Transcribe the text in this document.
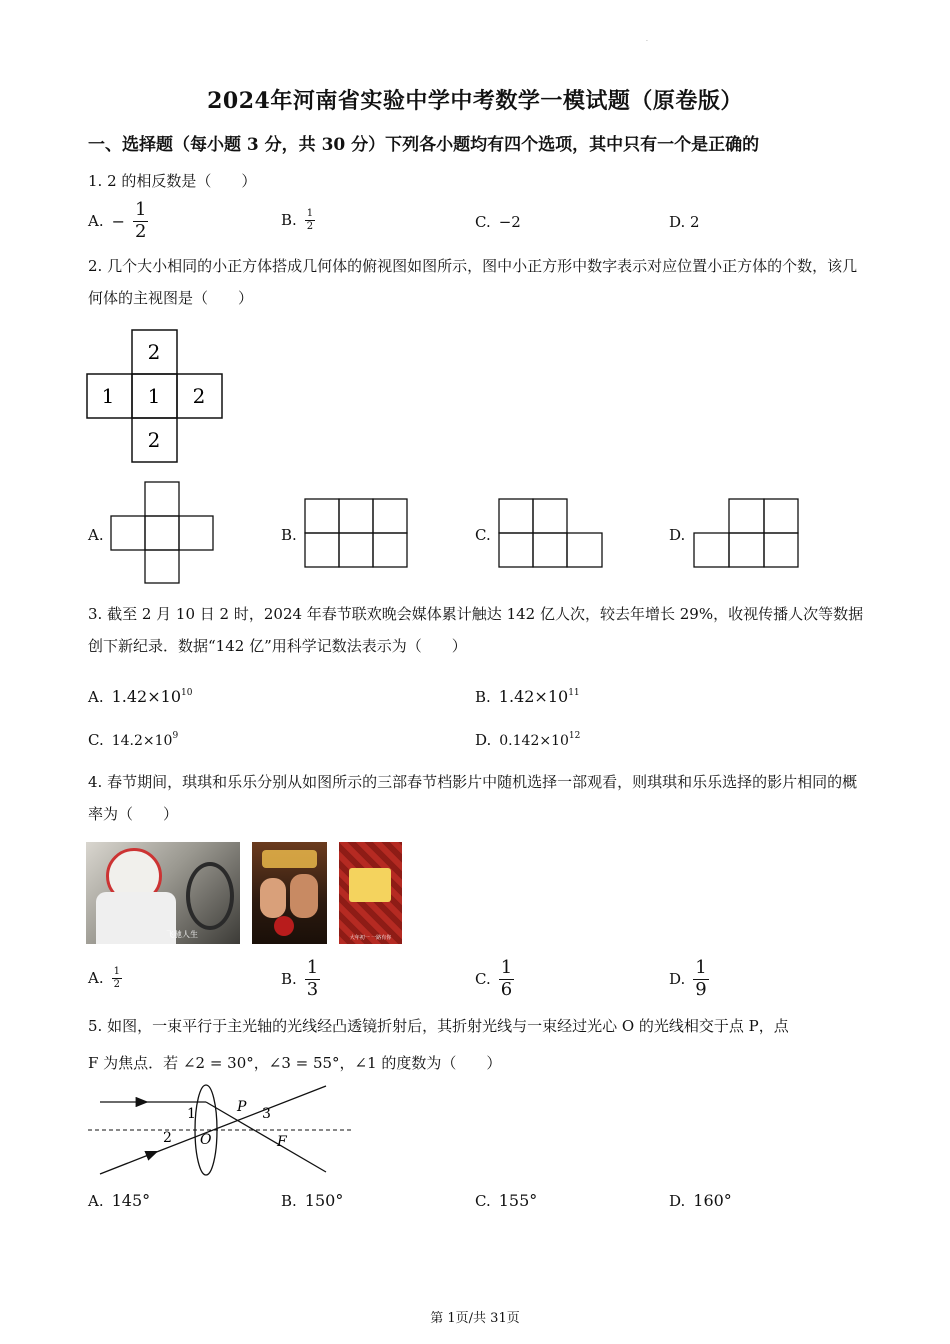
.
2024年河南省实验中学中考数学一模试题（原卷版）
一、选择题（每小题 3 分，共 30 分）下列各小题均有四个选项，其中只有一个是正确的
1. 2 的相反数是（　　）
A. − $\frac{1}{2}$	B. $\frac{1}{2}$	C. −2	D. 2
2. 几个大小相同的小正方体搭成几何体的俯视图如图所示，图中小正方形中数字表示对应位置小正方体的个数，该几何体的主视图是（　　）
2
1 1 2
2
A.	B.	C.	D.
3. 截至 2 月 10 日 2 时，2024 年春节联欢晚会媒体累计触达 142 亿人次，较去年增长 29%，收视传播人次等数据创下新纪录．数据“142 亿”用科学记数法表示为（　　）
A. $1.42\times 10^{10}$	B. $1.42\times 10^{11}$
C. $14.2\times 10^9$	D. $0.142\times 10^{12}$
4. 春节期间，琪琪和乐乐分别从如图所示的三部春节档影片中随机选择一部观看，则琪琪和乐乐选择的影片相同的概率为（　　）
飞驰人生	大年初一 一路有你
A. $\frac{1}{2}$	B. $\frac{1}{3}$	C. $\frac{1}{6}$	D. $\frac{1}{9}$
5. 如图，一束平行于主光轴的光线经凸透镜折射后，其折射光线与一束经过光心 O 的光线相交于点 P，点
F 为焦点．若 ∠2 = 30°，∠3 = 55°，∠1 的度数为（　　）
1
2
3
P
O	F
A. 145°	B. 150°	C. 155°	D. 160°
第 1页/共 31页
